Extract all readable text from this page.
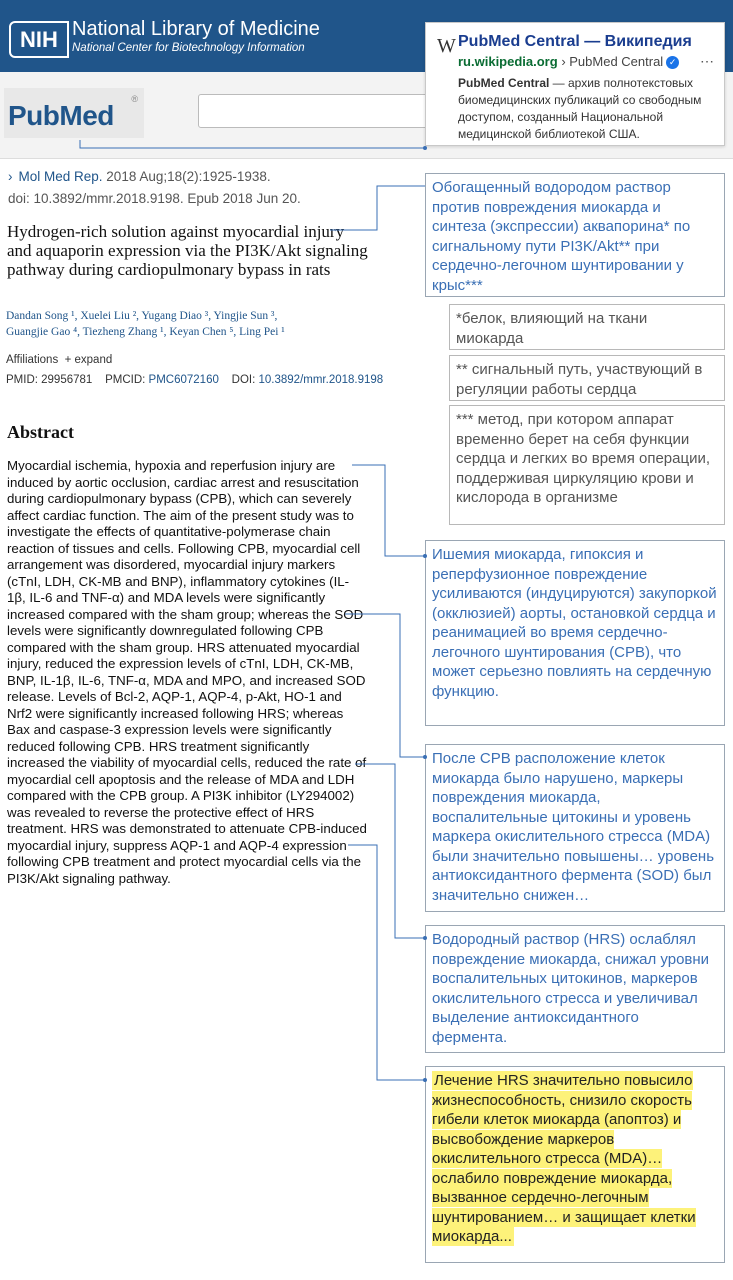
NIH National Library of Medicine
National Center for Biotechnology Information
PubMed
®
W PubMed Central — Википедия
ru.wikipedia.org › PubMed Central ✓ ⋯
PubMed Central — архив полнотекстовых биомедицинских публикаций со свободным доступом, созданный Национальной медицинской библиотекой США.
› Mol Med Rep. 2018 Aug;18(2):1925-1938.
doi: 10.3892/mmr.2018.9198. Epub 2018 Jun 20.
Hydrogen-rich solution against myocardial injury and aquaporin expression via the PI3K/Akt signaling pathway during cardiopulmonary bypass in rats
Dandan Song ¹, Xuelei Liu ², Yugang Diao ³, Yingjie Sun ³,
Guangjie Gao ⁴, Tiezheng Zhang ¹, Keyan Chen ⁵, Ling Pei ¹
Affiliations + expand
PMID: 29956781 PMCID: PMC6072160 DOI: 10.3892/mmr.2018.9198
Abstract
Myocardial ischemia, hypoxia and reperfusion injury are induced by aortic occlusion, cardiac arrest and resuscitation during cardiopulmonary bypass (CPB), which can severely affect cardiac function. The aim of the present study was to investigate the effects of quantitative-polymerase chain reaction of tissues and cells. Following CPB, myocardial cell arrangement was disordered, myocardial injury markers (cTnI, LDH, CK-MB and BNP), inflammatory cytokines (IL-1β, IL-6 and TNF-α) and MDA levels were significantly increased compared with the sham group; whereas the SOD levels were significantly downregulated following CPB compared with the sham group. HRS attenuated myocardial injury, reduced the expression levels of cTnI, LDH, CK-MB, BNP, IL-1β, IL-6, TNF-α, MDA and MPO, and increased SOD release. Levels of Bcl-2, AQP-1, AQP-4, p-Akt, HO-1 and Nrf2 were significantly increased following HRS; whereas Bax and caspase-3 expression levels were significantly reduced following CPB. HRS treatment significantly increased the viability of myocardial cells, reduced the rate of myocardial cell apoptosis and the release of MDA and LDH compared with the CPB group. A PI3K inhibitor (LY294002) was revealed to reverse the protective effect of HRS treatment. HRS was demonstrated to attenuate CPB-induced myocardial injury, suppress AQP-1 and AQP-4 expression following CPB treatment and protect myocardial cells via the PI3K/Akt signaling pathway.
Обогащенный водородом раствор против повреждения миокарда и синтеза (экспрессии) аквапорина* по сигнальному пути PI3K/Akt** при сердечно-легочном шунтировании у крыс***
*белок, влияющий на ткани миокарда
** сигнальный путь, участвующий в регуляции работы сердца
*** метод, при котором аппарат временно берет на себя функции сердца и легких во время операции, поддерживая циркуляцию крови и кислорода в организме
Ишемия миокарда, гипоксия и реперфузионное повреждение усиливаются (индуцируются) закупоркой (окклюзией) аорты, остановкой сердца и реанимацией во время сердечно-легочного шунтирования (CPB), что может серьезно повлиять на сердечную функцию.
После CPB расположение клеток миокарда было нарушено, маркеры повреждения миокарда, воспалительные цитокины и уровень маркера окислительного стресса (MDA) были значительно повышены… уровень антиоксидантного фермента (SOD) был значительно снижен…
Водородный раствор (HRS) ослаблял повреждение миокарда, снижал уровни воспалительных цитокинов, маркеров окислительного стресса и увеличивал выделение антиоксидантного фермента.
Лечение HRS значительно повысило жизнеспособность, снизило скорость гибели клеток миокарда (апоптоз) и высвобождение маркеров окислительного стресса (MDA)… ослабило повреждение миокарда, вызванное сердечно-легочным шунтированием… и защищает клетки миокарда...
